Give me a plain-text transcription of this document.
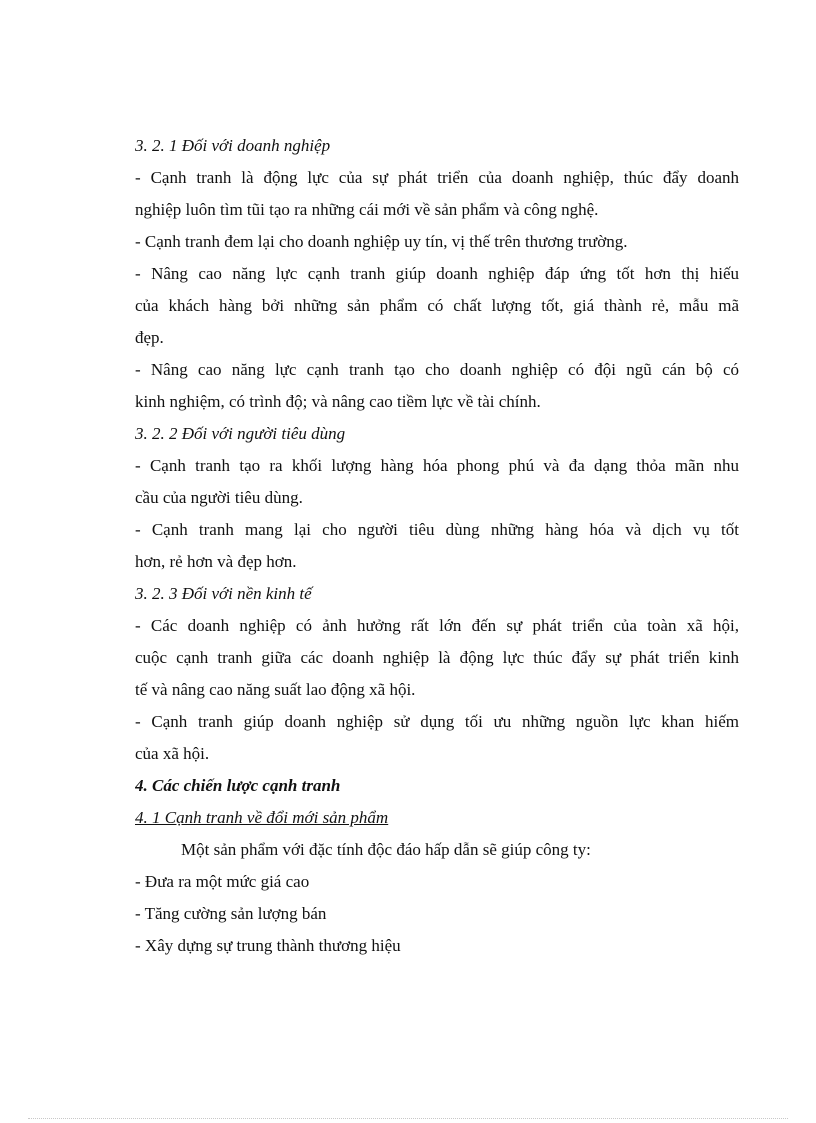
3. 2. 1 Đối với doanh nghiệp
- Cạnh tranh là động lực của sự phát triển của doanh nghiệp, thúc đẩy doanh
nghiệp luôn tìm tũi tạo ra những cái mới về sản phẩm và công nghệ.
- Cạnh tranh đem lại cho doanh nghiệp uy tín, vị thế trên thương trường.
- Nâng cao năng lực cạnh tranh giúp doanh nghiệp đáp ứng tốt hơn thị hiếu
của khách hàng bởi những sản phẩm có chất lượng tốt, giá thành rẻ, mẫu mã
đẹp.
- Nâng cao năng lực cạnh tranh tạo cho doanh nghiệp có đội ngũ cán bộ có
kinh nghiệm, có trình độ; và nâng cao tiềm lực về tài chính.
3. 2. 2 Đối với người tiêu dùng
- Cạnh tranh tạo ra khối lượng hàng hóa phong phú và đa dạng thỏa mãn nhu
cầu của người tiêu dùng.
- Cạnh tranh mang lại cho người tiêu dùng những hàng hóa và dịch vụ tốt
hơn, rẻ hơn và đẹp hơn.
3. 2. 3 Đối với nền kinh tế
- Các doanh nghiệp có ảnh hưởng rất lớn đến sự phát triển của toàn xã hội,
cuộc cạnh tranh giữa các doanh nghiệp là động lực thúc đẩy sự phát triển kinh
tế và nâng cao năng suất lao động xã hội.
- Cạnh tranh giúp doanh nghiệp sử dụng tối ưu những nguồn lực khan hiếm
của xã hội.
4. Các chiến lược cạnh tranh
4. 1 Cạnh tranh về đổi mới sản phẩm
Một sản phẩm với đặc tính độc đáo hấp dẫn sẽ giúp công ty:
- Đưa ra một mức giá cao
- Tăng cường sản lượng bán
- Xây dựng sự trung thành thương hiệu
